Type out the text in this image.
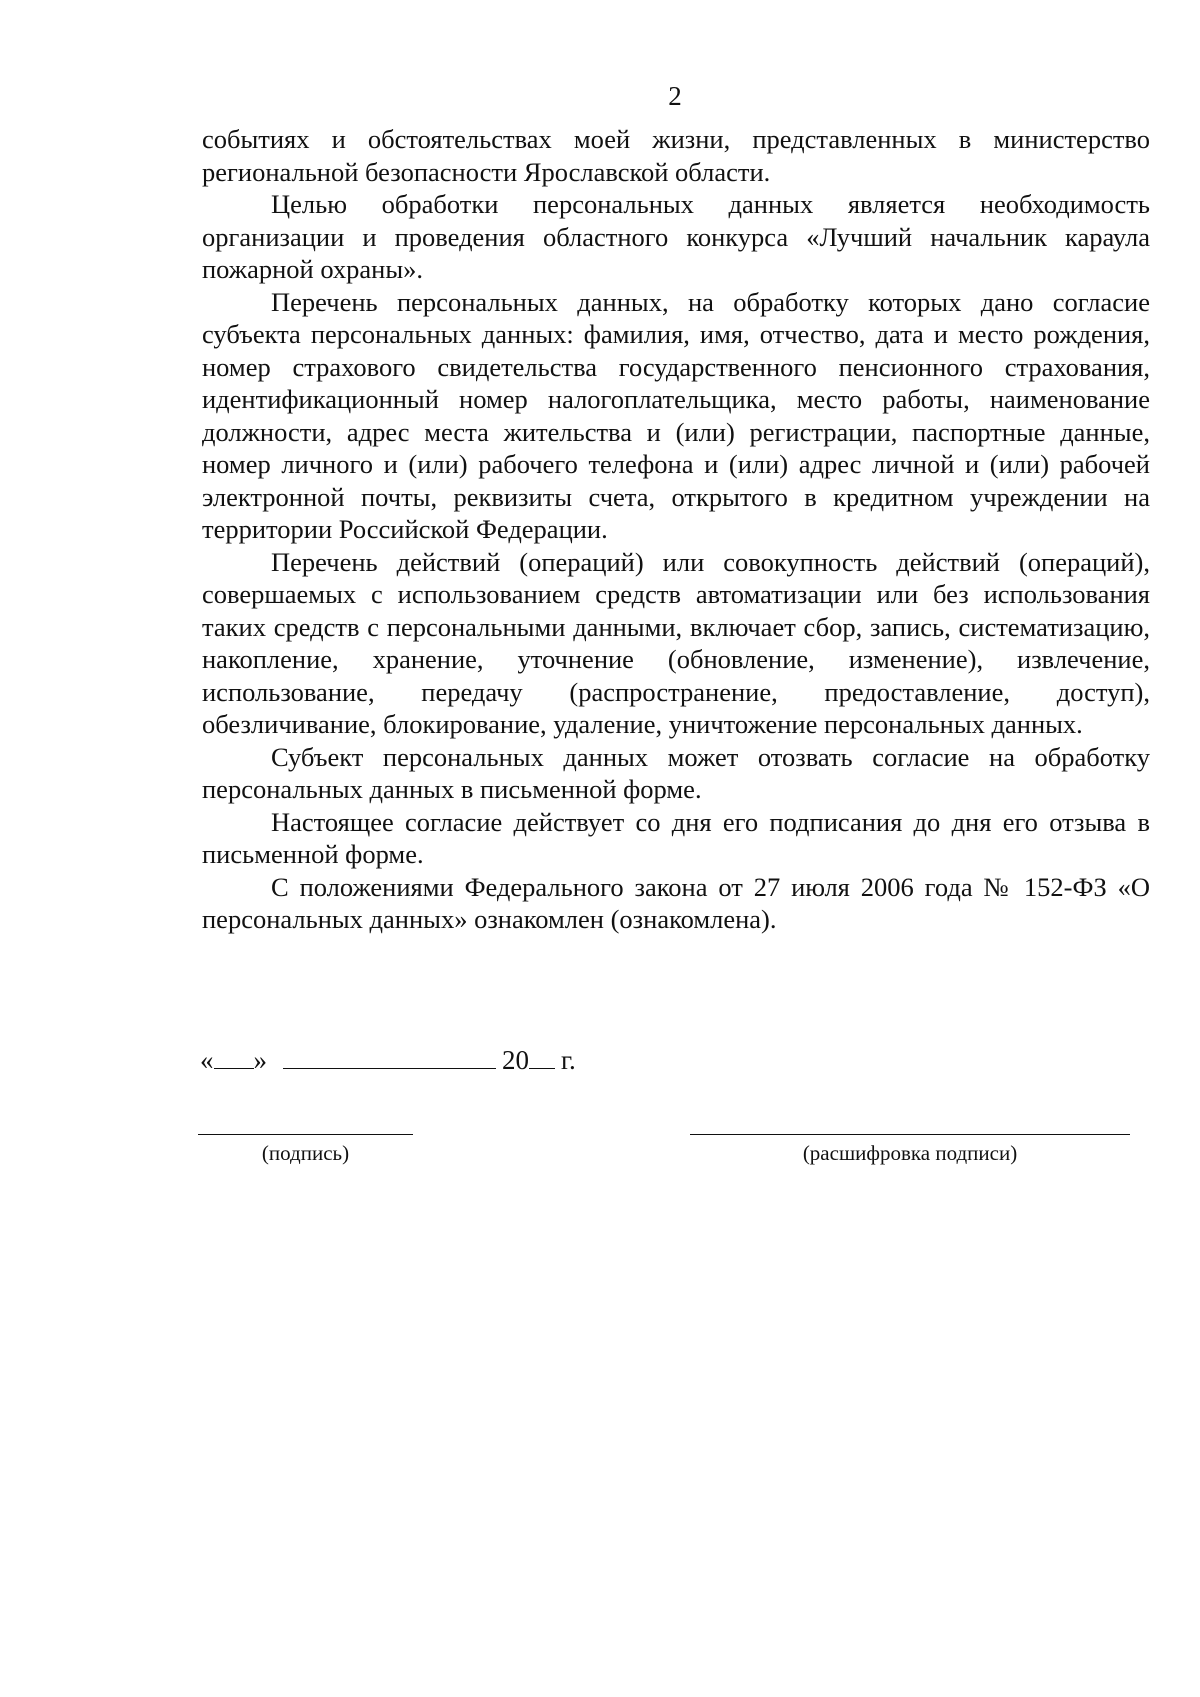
2

событиях и обстоятельствах моей жизни, представленных в министерство региональной безопасности Ярославской области.

Целью обработки персональных данных является необходимость организации и проведения областного конкурса «Лучший начальник караула пожарной охраны».

Перечень персональных данных, на обработку которых дано согласие субъекта персональных данных: фамилия, имя, отчество, дата и место рождения, номер страхового свидетельства государственного пенсионного страхования, идентификационный номер налогоплательщика, место работы, наименование должности, адрес места жительства и (или) регистрации, паспортные данные, номер личного и (или) рабочего телефона и (или) адрес личной и (или) рабочей электронной почты, реквизиты счета, открытого в кредитном учреждении на территории Российской Федерации.

Перечень действий (операций) или совокупность действий (операций), совершаемых с использованием средств автоматизации или без использования таких средств с персональными данными, включает сбор, запись, систематизацию, накопление, хранение, уточнение (обновление, изменение), извлечение, использование, передачу (распространение, предоставление, доступ), обезличивание, блокирование, удаление, уничтожение персональных данных.

Субъект персональных данных может отозвать согласие на обработку персональных данных в письменной форме.

Настоящее согласие действует со дня его подписания до дня его отзыва в письменной форме.

С положениями Федерального закона от 27 июля 2006 года № 152-ФЗ «О персональных данных» ознакомлен (ознакомлена).

« »	20 г.
(подпись)	(расшифровка подписи)
